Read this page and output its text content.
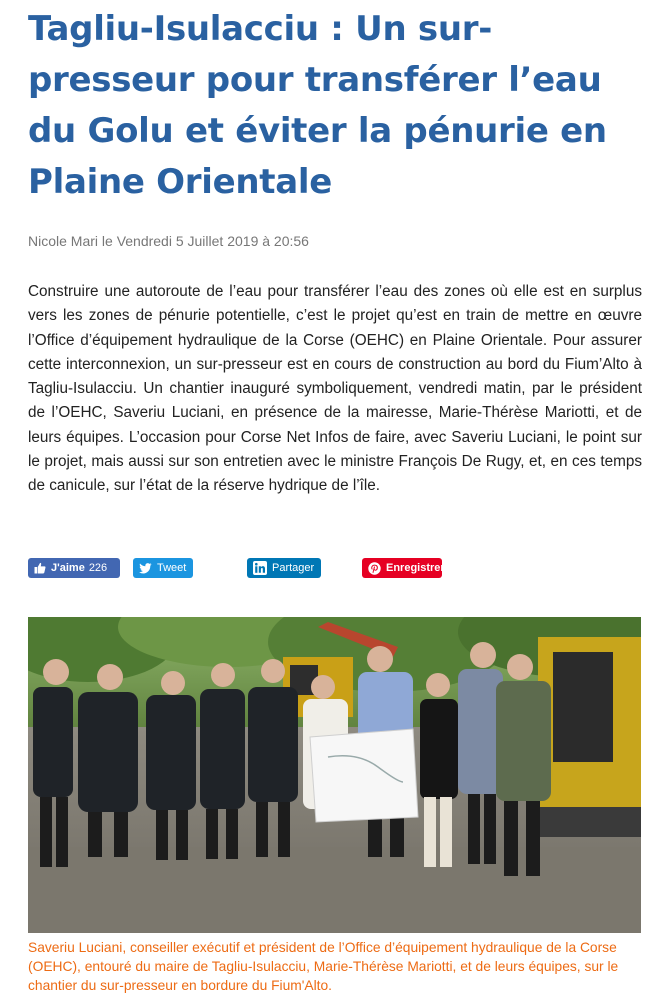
Tagliu-Isulacciu : Un sur-presseur pour transférer l’eau du Golu et éviter la pénurie en Plaine Orientale
Nicole Mari le Vendredi 5 Juillet 2019 à 20:56

Construire une autoroute de l’eau pour transférer l’eau des zones où elle est en surplus vers les zones de pénurie potentielle, c’est le projet qu’est en train de mettre en œuvre l’Office d’équipement hydraulique de la Corse (OEHC) en Plaine Orientale. Pour assurer cette interconnexion, un sur-presseur est en cours de construction au bord du Fium’Alto à Tagliu-Isulacciu. Un chantier inauguré symboliquement, vendredi matin, par le président de l’OEHC, Saveriu Luciani, en présence de la mairesse, Marie-Thérèse Mariotti, et de leurs équipes. L’occasion pour Corse Net Infos de faire, avec Saveriu Luciani, le point sur le projet, mais aussi sur son entretien avec le ministre François De Rugy, et, en ces temps de canicule, sur l’état de la réserve hydrique de l’île.

J'aime 226	Tweet	Partager	Enregistrer

Saveriu Luciani, conseiller exécutif et président de l’Office d’équipement hydraulique de la Corse (OEHC), entouré du maire de Tagliu-Isulacciu, Marie-Thérèse Mariotti, et de leurs équipes, sur le chantier du sur-presseur en bordure du Fium'Alto.
